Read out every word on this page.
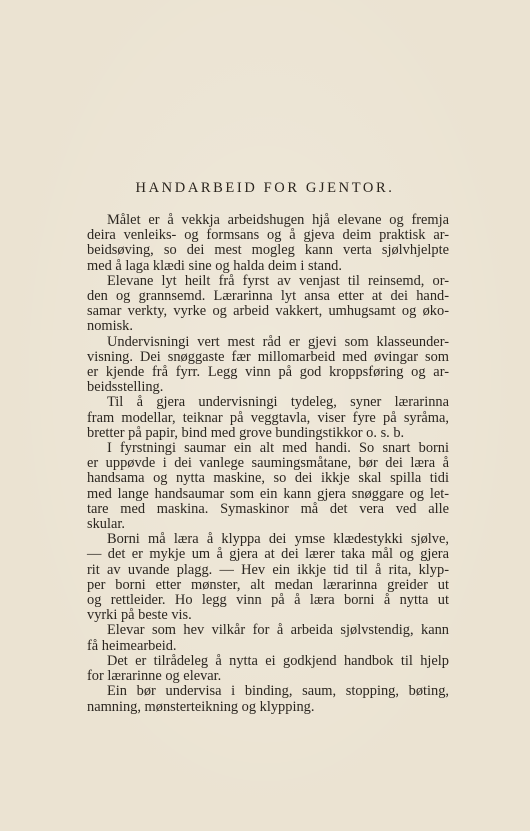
HANDARBEID FOR GJENTOR.
Målet er å vekkja arbeidshugen hjå elevane og fremja
deira venleiks- og formsans og å gjeva deim praktisk ar-
beidsøving, so dei mest mogleg kann verta sjølvhjelpte
med å laga klædi sine og halda deim i stand.
Elevane lyt heilt frå fyrst av venjast til reinsemd, or-
den og grannsemd. Lærarinna lyt ansa etter at dei hand-
samar verkty, vyrke og arbeid vakkert, umhugsamt og øko-
nomisk.
Undervisningi vert mest råd er gjevi som klasseunder-
visning. Dei snøggaste fær millomarbeid med øvingar som
er kjende frå fyrr. Legg vinn på god kroppsføring og ar-
beidsstelling.
Til å gjera undervisningi tydeleg, syner lærarinna
fram modellar, teiknar på veggtavla, viser fyre på syråma,
bretter på papir, bind med grove bundingstikkor o. s. b.
I fyrstningi saumar ein alt med handi. So snart borni
er uppøvde i dei vanlege saumingsmåtane, bør dei læra å
handsama og nytta maskine, so dei ikkje skal spilla tidi
med lange handsaumar som ein kann gjera snøggare og let-
tare med maskina. Symaskinor må det vera ved alle
skular.
Borni må læra å klyppa dei ymse klædestykki sjølve,
— det er mykje um å gjera at dei lærer taka mål og gjera
rit av uvande plagg. — Hev ein ikkje tid til å rita, klyp-
per borni etter mønster, alt medan lærarinna greider ut
og rettleider. Ho legg vinn på å læra borni å nytta ut
vyrki på beste vis.
Elevar som hev vilkår for å arbeida sjølvstendig, kann
få heimearbeid.
Det er tilrådeleg å nytta ei godkjend handbok til hjelp
for lærarinne og elevar.
Ein bør undervisa i binding, saum, stopping, bøting,
namning, mønsterteikning og klypping.
